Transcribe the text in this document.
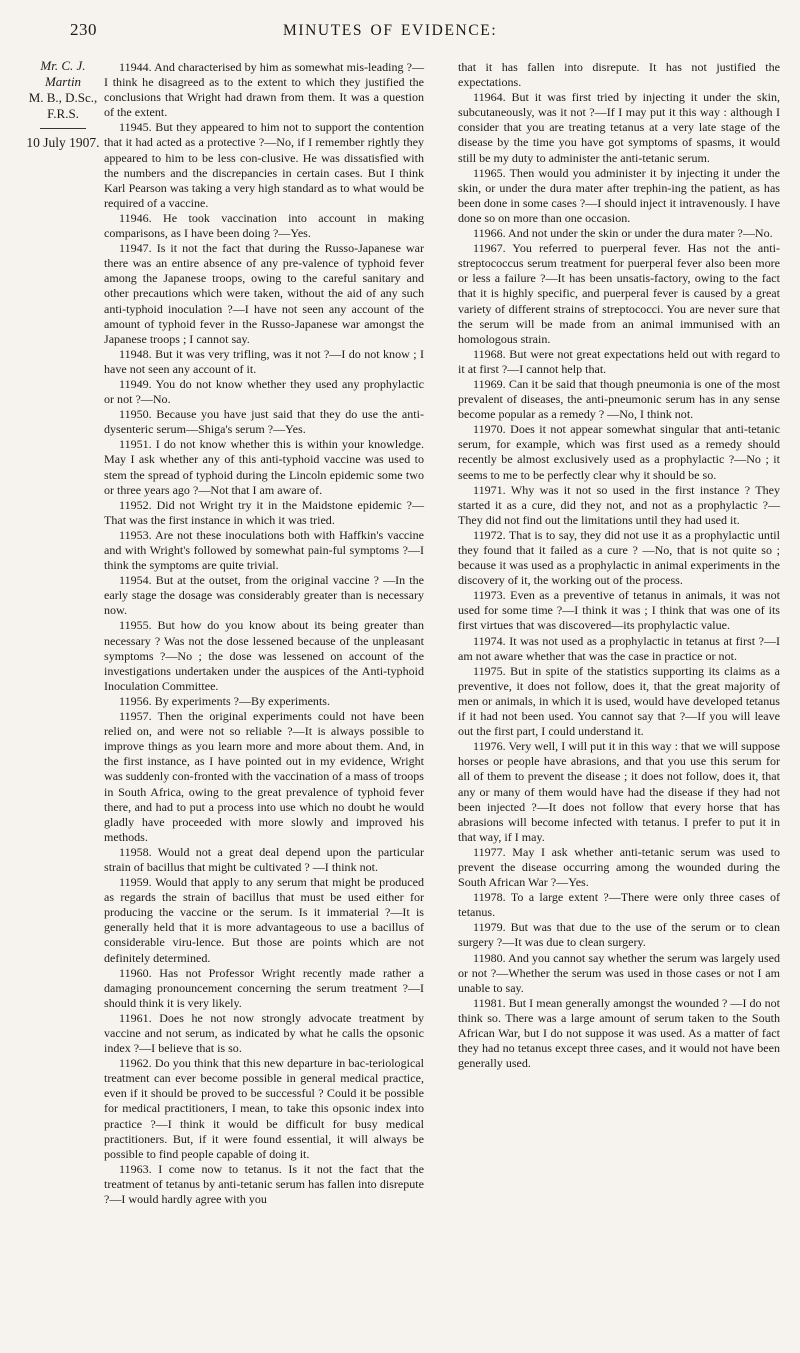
230	MINUTES OF EVIDENCE:
Mr. C. J.
Martin
M. B., D.Sc.,
F.R.S.
10 July 1907.

11944. And characterised by him as somewhat mis-leading ?—I think he disagreed as to the extent to which they justified the conclusions that Wright had drawn from them. It was a question of the extent.

11945. But they appeared to him not to support the contention that it had acted as a protective ?—No, if I remember rightly they appeared to him to be less con-clusive. He was dissatisfied with the numbers and the discrepancies in certain cases. But I think Karl Pearson was taking a very high standard as to what would be required of a vaccine.

11946. He took vaccination into account in making comparisons, as I have been doing ?—Yes.

11947. Is it not the fact that during the Russo-Japanese war there was an entire absence of any pre-valence of typhoid fever among the Japanese troops, owing to the careful sanitary and other precautions which were taken, without the aid of any such anti-typhoid inoculation ?—I have not seen any account of the amount of typhoid fever in the Russo-Japanese war amongst the Japanese troops ; I cannot say.

11948. But it was very trifling, was it not ?—I do not know ; I have not seen any account of it.

11949. You do not know whether they used any prophylactic or not ?—No.

11950. Because you have just said that they do use the anti-dysenteric serum—Shiga's serum ?—Yes.

11951. I do not know whether this is within your knowledge. May I ask whether any of this anti-typhoid vaccine was used to stem the spread of typhoid during the Lincoln epidemic some two or three years ago ?—Not that I am aware of.

11952. Did not Wright try it in the Maidstone epidemic ?—That was the first instance in which it was tried.

11953. Are not these inoculations both with Haffkin's vaccine and with Wright's followed by somewhat pain-ful symptoms ?—I think the symptoms are quite trivial.

11954. But at the outset, from the original vaccine ? —In the early stage the dosage was considerably greater than is necessary now.

11955. But how do you know about its being greater than necessary ? Was not the dose lessened because of the unpleasant symptoms ?—No ; the dose was lessened on account of the investigations undertaken under the auspices of the Anti-typhoid Inoculation Committee.

11956. By experiments ?—By experiments.

11957. Then the original experiments could not have been relied on, and were not so reliable ?—It is always possible to improve things as you learn more and more about them. And, in the first instance, as I have pointed out in my evidence, Wright was suddenly con-fronted with the vaccination of a mass of troops in South Africa, owing to the great prevalence of typhoid fever there, and had to put a process into use which no doubt he would gladly have proceeded with more slowly and improved his methods.

11958. Would not a great deal depend upon the particular strain of bacillus that might be cultivated ? —I think not.

11959. Would that apply to any serum that might be produced as regards the strain of bacillus that must be used either for producing the vaccine or the serum. Is it immaterial ?—It is generally held that it is more advantageous to use a bacillus of considerable viru-lence. But those are points which are not definitely determined.

11960. Has not Professor Wright recently made rather a damaging pronouncement concerning the serum treatment ?—I should think it is very likely.

11961. Does he not now strongly advocate treatment by vaccine and not serum, as indicated by what he calls the opsonic index ?—I believe that is so.

11962. Do you think that this new departure in bac-teriological treatment can ever become possible in general medical practice, even if it should be proved to be successful ? Could it be possible for medical practitioners, I mean, to take this opsonic index into practice ?—I think it would be difficult for busy medical practitioners. But, if it were found essential, it will always be possible to find people capable of doing it.

11963. I come now to tetanus. Is it not the fact that the treatment of tetanus by anti-tetanic serum has fallen into disrepute ?—I would hardly agree with you

that it has fallen into disrepute. It has not justified the expectations.

11964. But it was first tried by injecting it under the skin, subcutaneously, was it not ?—If I may put it this way : although I consider that you are treating tetanus at a very late stage of the disease by the time you have got symptoms of spasms, it would still be my duty to administer the anti-tetanic serum.

11965. Then would you administer it by injecting it under the skin, or under the dura mater after trephin-ing the patient, as has been done in some cases ?—I should inject it intravenously. I have done so on more than one occasion.

11966. And not under the skin or under the dura mater ?—No.

11967. You referred to puerperal fever. Has not the anti-streptococcus serum treatment for puerperal fever also been more or less a failure ?—It has been unsatis-factory, owing to the fact that it is highly specific, and puerperal fever is caused by a great variety of different strains of streptococci. You are never sure that the serum will be made from an animal immunised with an homologous strain.

11968. But were not great expectations held out with regard to it at first ?—I cannot help that.

11969. Can it be said that though pneumonia is one of the most prevalent of diseases, the anti-pneumonic serum has in any sense become popular as a remedy ? —No, I think not.

11970. Does it not appear somewhat singular that anti-tetanic serum, for example, which was first used as a remedy should recently be almost exclusively used as a prophylactic ?—No ; it seems to me to be perfectly clear why it should be so.

11971. Why was it not so used in the first instance ? They started it as a cure, did they not, and not as a prophylactic ?—They did not find out the limitations until they had used it.

11972. That is to say, they did not use it as a prophylactic until they found that it failed as a cure ? —No, that is not quite so ; because it was used as a prophylactic in animal experiments in the discovery of it, the working out of the process.

11973. Even as a preventive of tetanus in animals, it was not used for some time ?—I think it was ; I think that was one of its first virtues that was discovered—its prophylactic value.

11974. It was not used as a prophylactic in tetanus at first ?—I am not aware whether that was the case in practice or not.

11975. But in spite of the statistics supporting its claims as a preventive, it does not follow, does it, that the great majority of men or animals, in which it is used, would have developed tetanus if it had not been used. You cannot say that ?—If you will leave out the first part, I could understand it.

11976. Very well, I will put it in this way : that we will suppose horses or people have abrasions, and that you use this serum for all of them to prevent the disease ; it does not follow, does it, that any or many of them would have had the disease if they had not been injected ?—It does not follow that every horse that has abrasions will become infected with tetanus. I prefer to put it in that way, if I may.

11977. May I ask whether anti-tetanic serum was used to prevent the disease occurring among the wounded during the South African War ?—Yes.

11978. To a large extent ?—There were only three cases of tetanus.

11979. But was that due to the use of the serum or to clean surgery ?—It was due to clean surgery.

11980. And you cannot say whether the serum was largely used or not ?—Whether the serum was used in those cases or not I am unable to say.

11981. But I mean generally amongst the wounded ? —I do not think so. There was a large amount of serum taken to the South African War, but I do not suppose it was used. As a matter of fact they had no tetanus except three cases, and it would not have been generally used.
